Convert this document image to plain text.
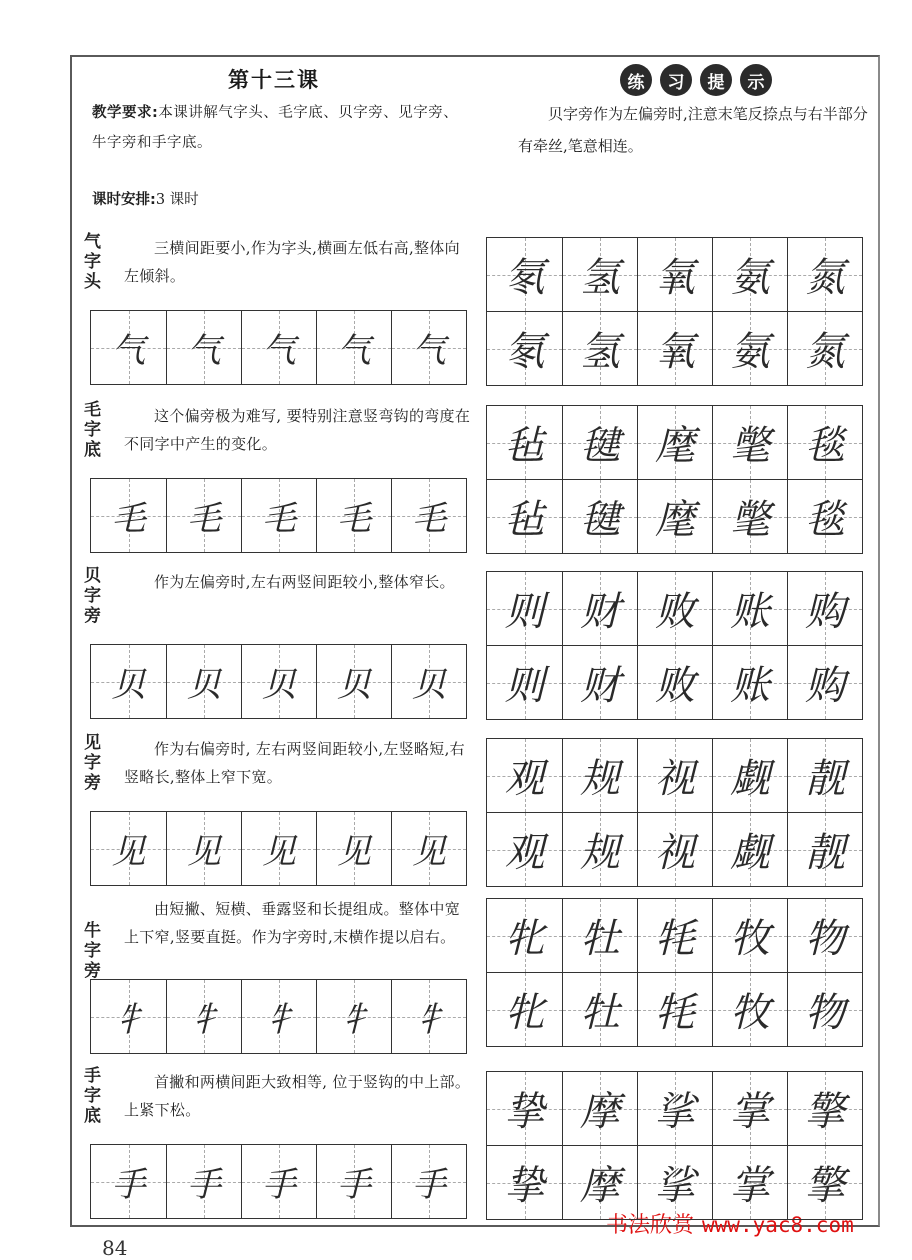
第十三课
教学要求:本课讲解气字头、毛字底、贝字旁、见字旁、牛字旁和手字底。
课时安排:3 课时
练	习	提	示
贝字旁作为左偏旁时,注意末笔反捺点与右半部分有牵丝,笔意相连。
气字头
三横间距要小,作为字头,横画左低右高,整体向左倾斜。
毛字底
这个偏旁极为难写, 要特别注意竖弯钩的弯度在不同字中产生的变化。
贝字旁
作为左偏旁时,左右两竖间距较小,整体窄长。
见字旁
作为右偏旁时, 左右两竖间距较小,左竖略短,右竖略长,整体上窄下宽。
牛字旁
由短撇、短横、垂露竖和长提组成。整体中宽上下窄,竖要直挺。作为字旁时,末横作提以启右。
手字底
首撇和两横间距大致相等, 位于竖钩的中上部。上紧下松。
书法欣赏 www.yac8.com
84
气 气 气 气 气
氡 氢 氧 氨 氮
氡 氢 氧 氨 氮
毛 毛 毛 毛 毛
毡 毽 麾 氅 毯
毡 毽 麾 氅 毯
贝 贝 贝 贝 贝
则 财 败 账 购
则 财 败 账 购
见 见 见 见 见
观 规 视 觑 靓
观 规 视 觑 靓
牜 牜 牜 牜 牜
牝 牡 牦 牧 物
牝 牡 牦 牧 物
手 手 手 手 手
挚 摩 挲 掌 擎
挚 摩 挲 掌 擎
